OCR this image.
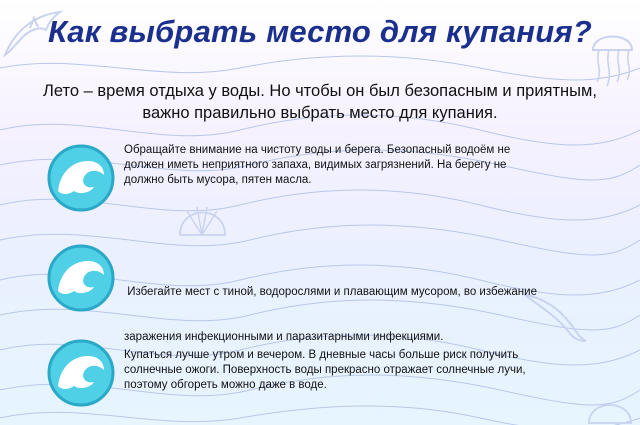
Как выбрать место для купания?
Лето – время отдыха у воды. Но чтобы он был безопасным и приятным,
важно правильно выбрать место для купания.
Обращайте внимание на чистоту воды и берега. Безопасный водоём не
должен иметь неприятного запаха, видимых загрязнений. На берегу не
должно быть мусора, пятен масла.

Избегайте мест с тиной, водорослями и плавающим мусором, во избежание

заражения инфекционными и паразитарными инфекциями.

Купаться лучше утром и вечером. В дневные часы больше риск получить
солнечные ожоги. Поверхность воды прекрасно отражает солнечные лучи,
поэтому обгореть можно даже в воде.
